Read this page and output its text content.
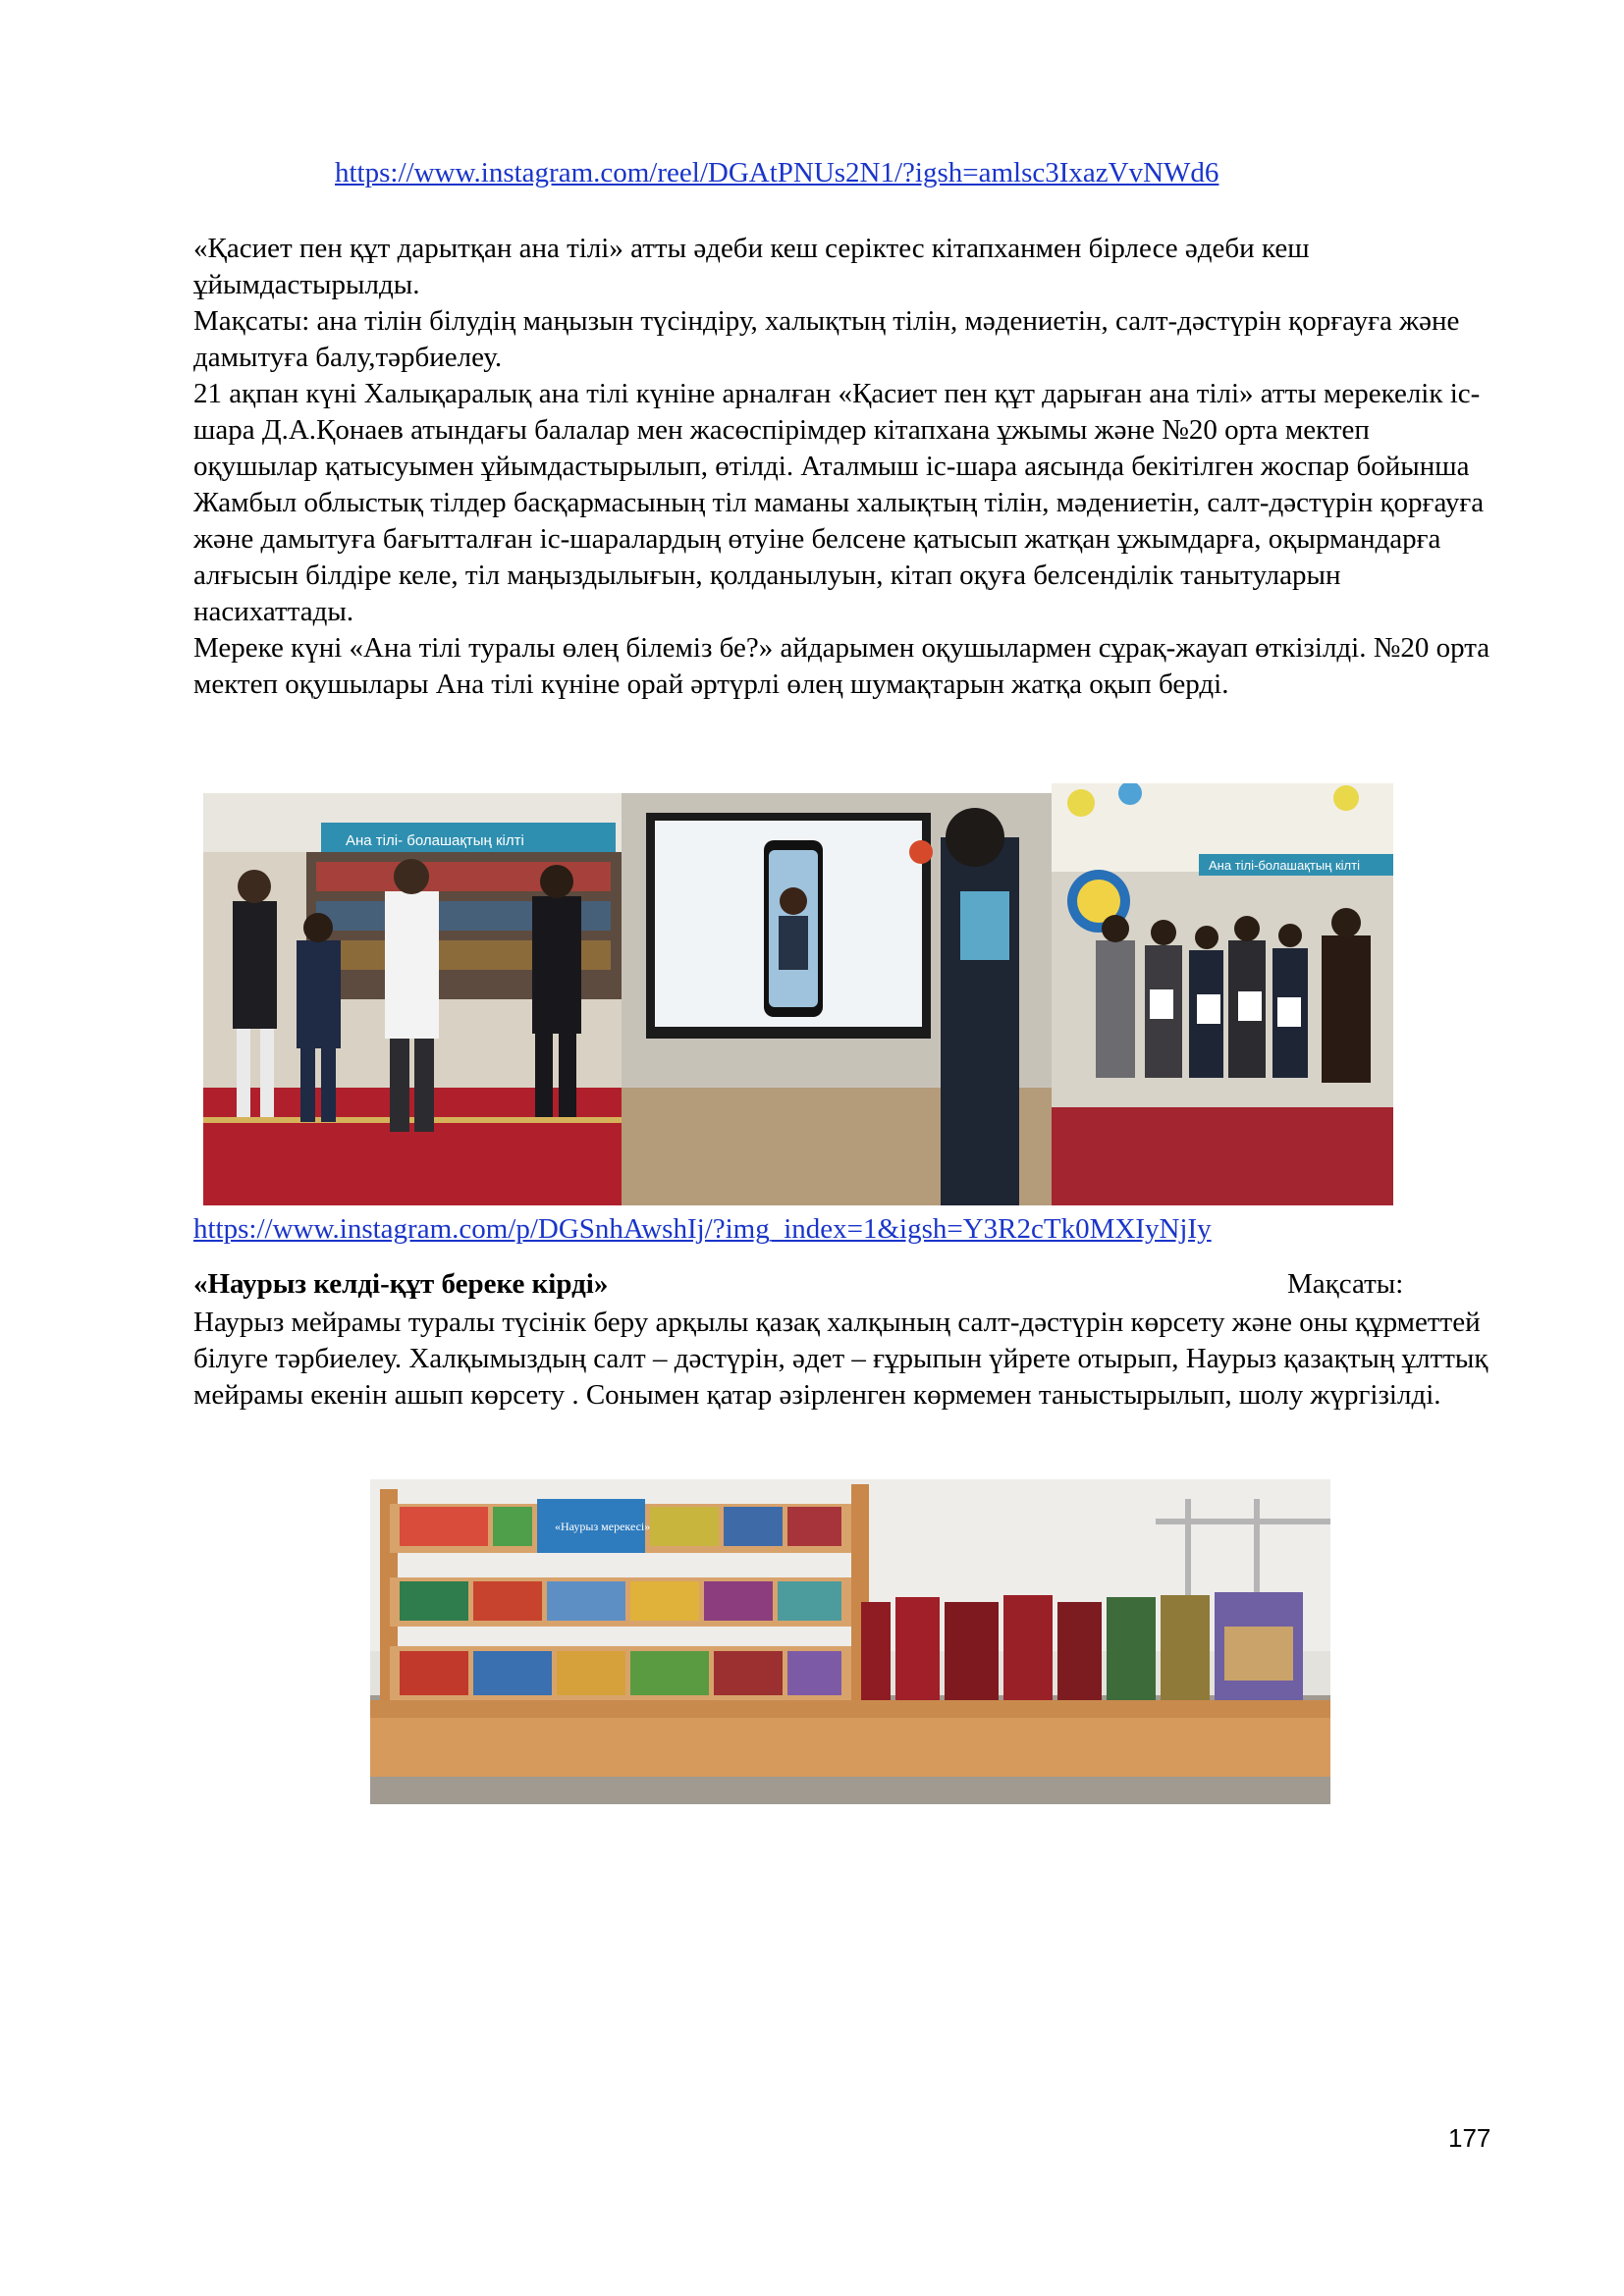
https://www.instagram.com/reel/DGAtPNUs2N1/?igsh=amlsc3IxazVvNWd6

«Қасиет пен құт дарытқан ана тілі» атты әдеби кеш серіктес кітапханмен бірлесе әдеби кеш ұйымдастырылды.

Мақсаты: ана тілін білудің маңызын түсіндіру, халықтың тілін, мәдениетін, салт-дәстүрін қорғауға және дамытуға балу,тәрбиелеу.

21 ақпан күні Халықаралық ана тілі күніне арналған «Қасиет пен құт дарыған ана тілі» атты мерекелік іс-шара Д.А.Қонаев атындағы балалар мен жасөспірімдер кітапхана ұжымы және №20 орта мектеп оқушылар қатысуымен ұйымдастырылып, өтілді. Аталмыш іс-шара аясында бекітілген жоспар бойынша Жамбыл облыстық тілдер басқармасының тіл маманы халықтың тілін, мәдениетін, салт-дәстүрін қорғауға және дамытуға бағытталған іс-шаралардың өтуіне белсене қатысып жатқан ұжымдарға, оқырмандарға алғысын білдіре келе, тіл маңыздылығын, қолданылуын, кітап оқуға белсенділік танытуларын насихаттады.

Мереке күні «Ана тілі туралы өлең білеміз бе?» айдарымен оқушылармен сұрақ-жауап өткізілді. №20 орта мектеп оқушылары Ана тілі күніне орай әртүрлі өлең шумақтарын жатқа оқып берді.

Ана тілі- болашақтың кілті
Ана тілі-болашақтың кілті
https://www.instagram.com/p/DGSnhAwshIj/?img_index=1&igsh=Y3R2cTk0MXIyNjIy
«Наурыз келді-құт береке кірді»	Мақсаты:

Наурыз мейрамы туралы түсінік беру арқылы қазақ халқының салт-дәстүрін көрсету және оны құрметтей білуге тәрбиелеу. Халқымыздың салт – дәстүрін, әдет – ғұрыпын үйрете отырып, Наурыз қазақтың ұлттық мейрамы екенін ашып көрсету . Сонымен қатар әзірленген көрмемен таныстырылып, шолу жүргізілді.

«Наурыз мерекесі»
177
